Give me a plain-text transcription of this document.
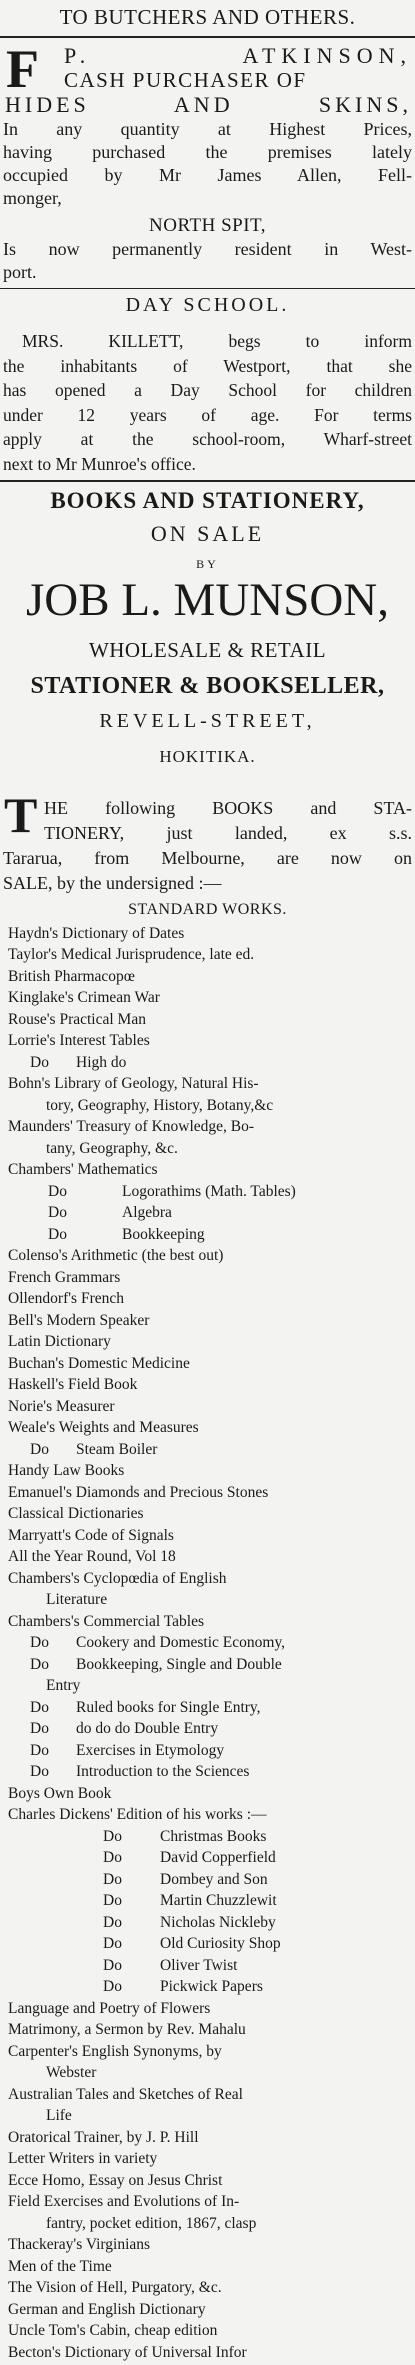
TO BUTCHERS AND OTHERS.
F P. ATKINSON,
CASH PURCHASER OF
HIDES AND SKINS,
In any quantity at Highest Prices,
having purchased the premises lately
occupied by Mr James Allen, Fell-
monger,
NORTH SPIT,
Is now permanently resident in West-
port.
DAY SCHOOL.
MRS. KILLETT, begs to inform
the inhabitants of Westport, that she
has opened a Day School for children
under 12 years of age. For terms
apply at the school-room, Wharf-street
next to Mr Munroe's office.
BOOKS AND STATIONERY,
ON SALE
BY
JOB L. MUNSON,
WHOLESALE & RETAIL
STATIONER & BOOKSELLER,
REVELL-STREET,
HOKITIKA.
T HE following BOOKS and STA-
TIONERY, just landed, ex s.s.
Tararua, from Melbourne, are now on
SALE, by the undersigned :—
STANDARD WORKS.
Haydn's Dictionary of Dates
Taylor's Medical Jurisprudence, late ed.
British Pharmacopœ
Kinglake's Crimean War
Rouse's Practical Man
Lorrie's Interest Tables
Do High do
Bohn's Library of Geology, Natural His-
tory, Geography, History, Botany,&c
Maunders' Treasury of Knowledge, Bo-
tany, Geography, &c.
Chambers' Mathematics
Do	Logorathims (Math. Tables)
Do	Algebra
Do	Bookkeeping
Colenso's Arithmetic (the best out)
French Grammars
Ollendorf's French
Bell's Modern Speaker
Latin Dictionary
Buchan's Domestic Medicine
Haskell's Field Book
Norie's Measurer
Weale's Weights and Measures
Do Steam Boiler
Handy Law Books
Emanuel's Diamonds and Precious Stones
Classical Dictionaries
Marryatt's Code of Signals
All the Year Round, Vol 18
Chambers's Cyclopœdia of English
Literature
Chambers's Commercial Tables
Do Cookery and Domestic Economy,
Do Bookkeeping, Single and Double
Entry
Do Ruled books for Single Entry,
Do do do do Double Entry
Do Exercises in Etymology
Do Introduction to the Sciences
Boys Own Book
Charles Dickens' Edition of his works :—
Do Christmas Books
Do David Copperfield
Do Dombey and Son
Do Martin Chuzzlewit
Do Nicholas Nickleby
Do Old Curiosity Shop
Do Oliver Twist
Do Pickwick Papers
Language and Poetry of Flowers
Matrimony, a Sermon by Rev. Mahalu
Carpenter's English Synonyms, by
Webster
Australian Tales and Sketches of Real
Life
Oratorical Trainer, by J. P. Hill
Letter Writers in variety
Ecce Homo, Essay on Jesus Christ
Field Exercises and Evolutions of In-
fantry, pocket edition, 1867, clasp
Thackeray's Virginians
Men of the Time
The Vision of Hell, Purgatory, &c.
German and English Dictionary
Uncle Tom's Cabin, cheap edition
Becton's Dictionary of Universal Infor
